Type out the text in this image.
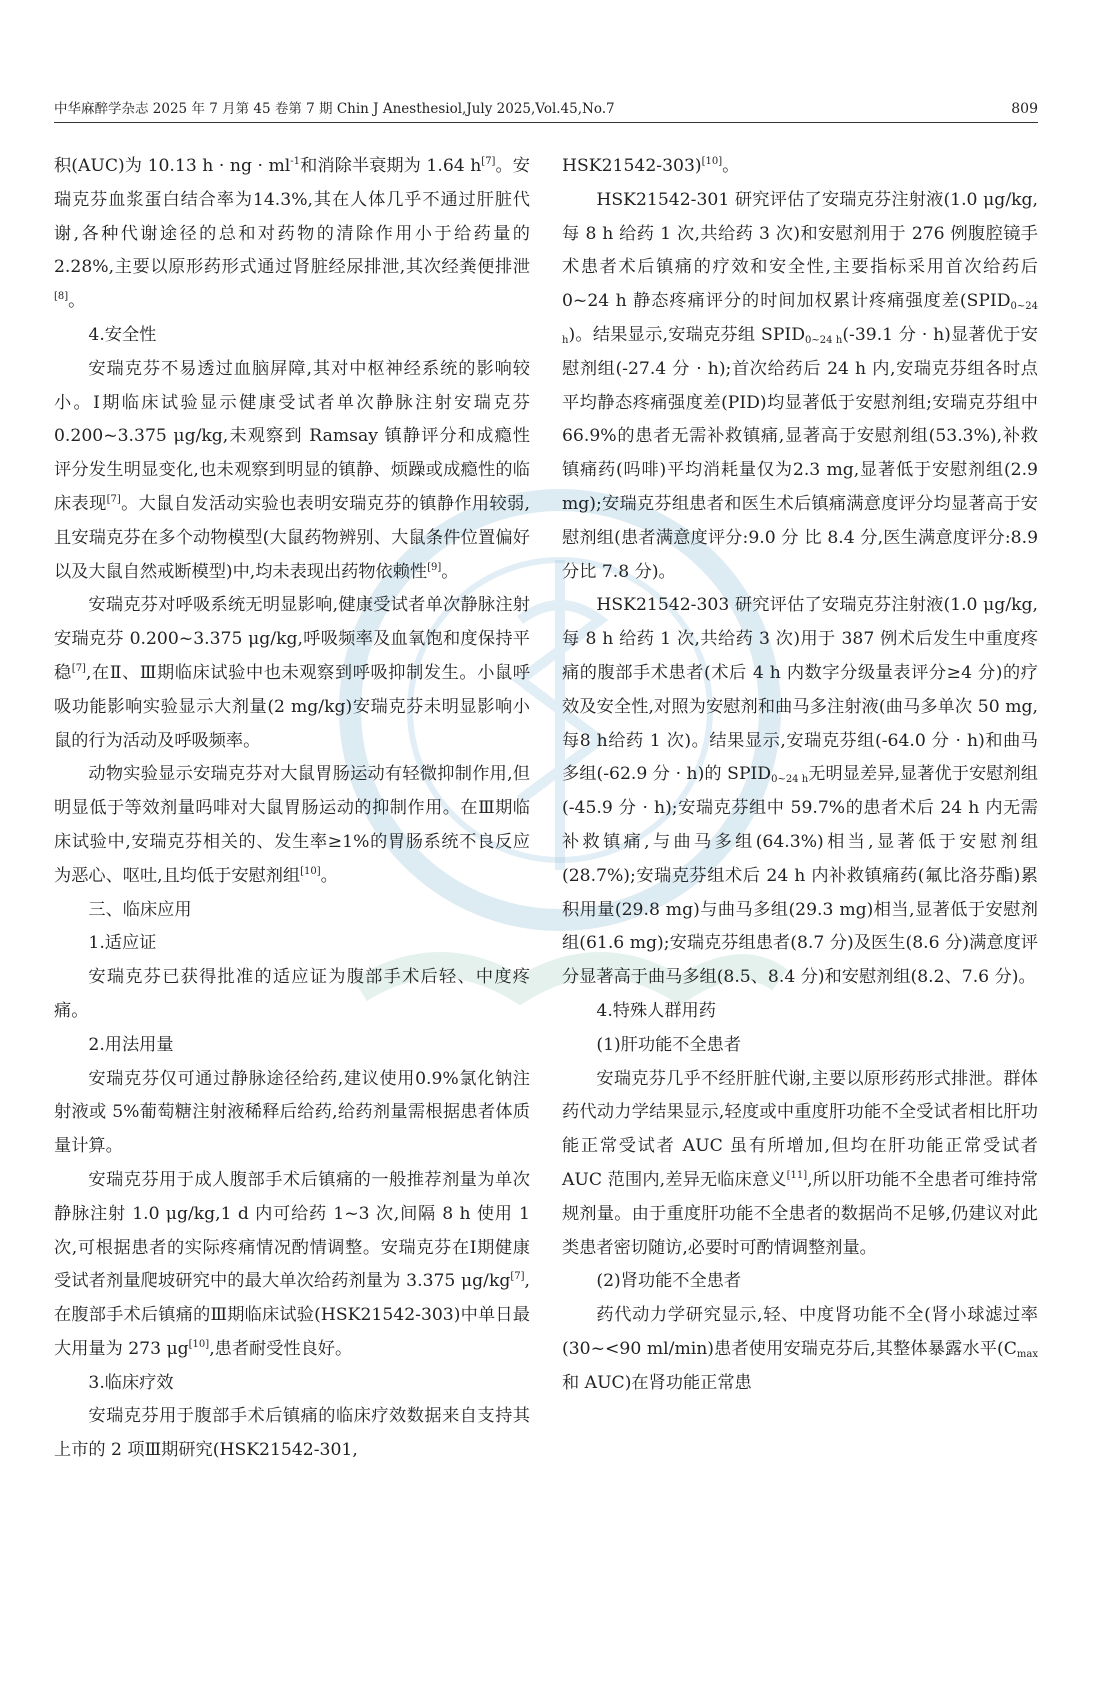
中华麻醉学杂志 2025 年 7 月第 45 卷第 7 期 Chin J Anesthesiol,July 2025,Vol.45,No.7	809

积(AUC)为 10.13 h · ng · $ml^{-1}$和消除半衰期为 1.64 h[7]。安瑞克芬血浆蛋白结合率为14.3%,其在人体几乎不通过肝脏代谢,各种代谢途径的总和对药物的清除作用小于给药量的 2.28%,主要以原形药形式通过肾脏经尿排泄,其次经粪便排泄[8]。

4.安全性

安瑞克芬不易透过血脑屏障,其对中枢神经系统的影响较小。Ⅰ期临床试验显示健康受试者单次静脉注射安瑞克芬 0.200~3.375 μg/kg,未观察到 Ramsay 镇静评分和成瘾性评分发生明显变化,也未观察到明显的镇静、烦躁或成瘾性的临床表现[7]。大鼠自发活动实验也表明安瑞克芬的镇静作用较弱,且安瑞克芬在多个动物模型(大鼠药物辨别、大鼠条件位置偏好以及大鼠自然戒断模型)中,均未表现出药物依赖性[9]。

安瑞克芬对呼吸系统无明显影响,健康受试者单次静脉注射安瑞克芬 0.200~3.375 μg/kg,呼吸频率及血氧饱和度保持平稳[7],在Ⅱ、Ⅲ期临床试验中也未观察到呼吸抑制发生。小鼠呼吸功能影响实验显示大剂量(2 mg/kg)安瑞克芬未明显影响小鼠的行为活动及呼吸频率。

动物实验显示安瑞克芬对大鼠胃肠运动有轻微抑制作用,但明显低于等效剂量吗啡对大鼠胃肠运动的抑制作用。在Ⅲ期临床试验中,安瑞克芬相关的、发生率≥1%的胃肠系统不良反应为恶心、呕吐,且均低于安慰剂组[10]。

三、临床应用

1.适应证

安瑞克芬已获得批准的适应证为腹部手术后轻、中度疼痛。

2.用法用量

安瑞克芬仅可通过静脉途径给药,建议使用0.9%氯化钠注射液或 5%葡萄糖注射液稀释后给药,给药剂量需根据患者体质量计算。

安瑞克芬用于成人腹部手术后镇痛的一般推荐剂量为单次静脉注射 1.0 μg/kg,1 d 内可给药 1~3 次,间隔 8 h 使用 1 次,可根据患者的实际疼痛情况酌情调整。安瑞克芬在Ⅰ期健康受试者剂量爬坡研究中的最大单次给药剂量为 3.375 μg/kg[7],在腹部手术后镇痛的Ⅲ期临床试验(HSK21542-303)中单日最大用量为 273 μg[10],患者耐受性良好。

3.临床疗效

安瑞克芬用于腹部手术后镇痛的临床疗效数据来自支持其上市的 2 项Ⅲ期研究(HSK21542-301,

HSK21542-303)[10]。

HSK21542-301 研究评估了安瑞克芬注射液(1.0 μg/kg,每 8 h 给药 1 次,共给药 3 次)和安慰剂用于 276 例腹腔镜手术患者术后镇痛的疗效和安全性,主要指标采用首次给药后 0~24 h 静态疼痛评分的时间加权累计疼痛强度差$(SPID_{0\sim 24 h})$。结果显示,安瑞克芬组 $SPID_{0\sim 24 h}(-39.1$ 分 · h)显著优于安慰剂组(-27.4 分 · h);首次给药后 24 h 内,安瑞克芬组各时点平均静态疼痛强度差(PID)均显著低于安慰剂组;安瑞克芬组中 66.9%的患者无需补救镇痛,显著高于安慰剂组(53.3%),补救镇痛药(吗啡)平均消耗量仅为2.3 mg,显著低于安慰剂组(2.9 mg);安瑞克芬组患者和医生术后镇痛满意度评分均显著高于安慰剂组(患者满意度评分:9.0 分 比 8.4 分,医生满意度评分:8.9 分比 7.8 分)。

HSK21542-303 研究评估了安瑞克芬注射液(1.0 μg/kg,每 8 h 给药 1 次,共给药 3 次)用于 387 例术后发生中重度疼痛的腹部手术患者(术后 4 h 内数字分级量表评分≥4 分)的疗效及安全性,对照为安慰剂和曲马多注射液(曲马多单次 50 mg,每8 h给药 1 次)。结果显示,安瑞克芬组(-64.0 分 · h)和曲马多组(-62.9 分 · h)的 $SPID_{0\sim 24 h}$无明显差异,显著优于安慰剂组(-45.9 分 · h);安瑞克芬组中 59.7%的患者术后 24 h 内无需补救镇痛,与曲马多组(64.3%)相当,显著低于安慰剂组(28.7%);安瑞克芬组术后 24 h 内补救镇痛药(氟比洛芬酯)累积用量(29.8 mg)与曲马多组(29.3 mg)相当,显著低于安慰剂组(61.6 mg);安瑞克芬组患者(8.7 分)及医生(8.6 分)满意度评分显著高于曲马多组(8.5、8.4 分)和安慰剂组(8.2、7.6 分)。

4.特殊人群用药

(1)肝功能不全患者

安瑞克芬几乎不经肝脏代谢,主要以原形药形式排泄。群体药代动力学结果显示,轻度或中重度肝功能不全受试者相比肝功能正常受试者 AUC 虽有所增加,但均在肝功能正常受试者 AUC 范围内,差异无临床意义[11],所以肝功能不全患者可维持常规剂量。由于重度肝功能不全患者的数据尚不足够,仍建议对此类患者密切随访,必要时可酌情调整剂量。

(2)肾功能不全患者

药代动力学研究显示,轻、中度肾功能不全(肾小球滤过率(30~<90 ml/min)患者使用安瑞克芬后,其整体暴露水平($C_{max}$和 AUC)在肾功能正常患
